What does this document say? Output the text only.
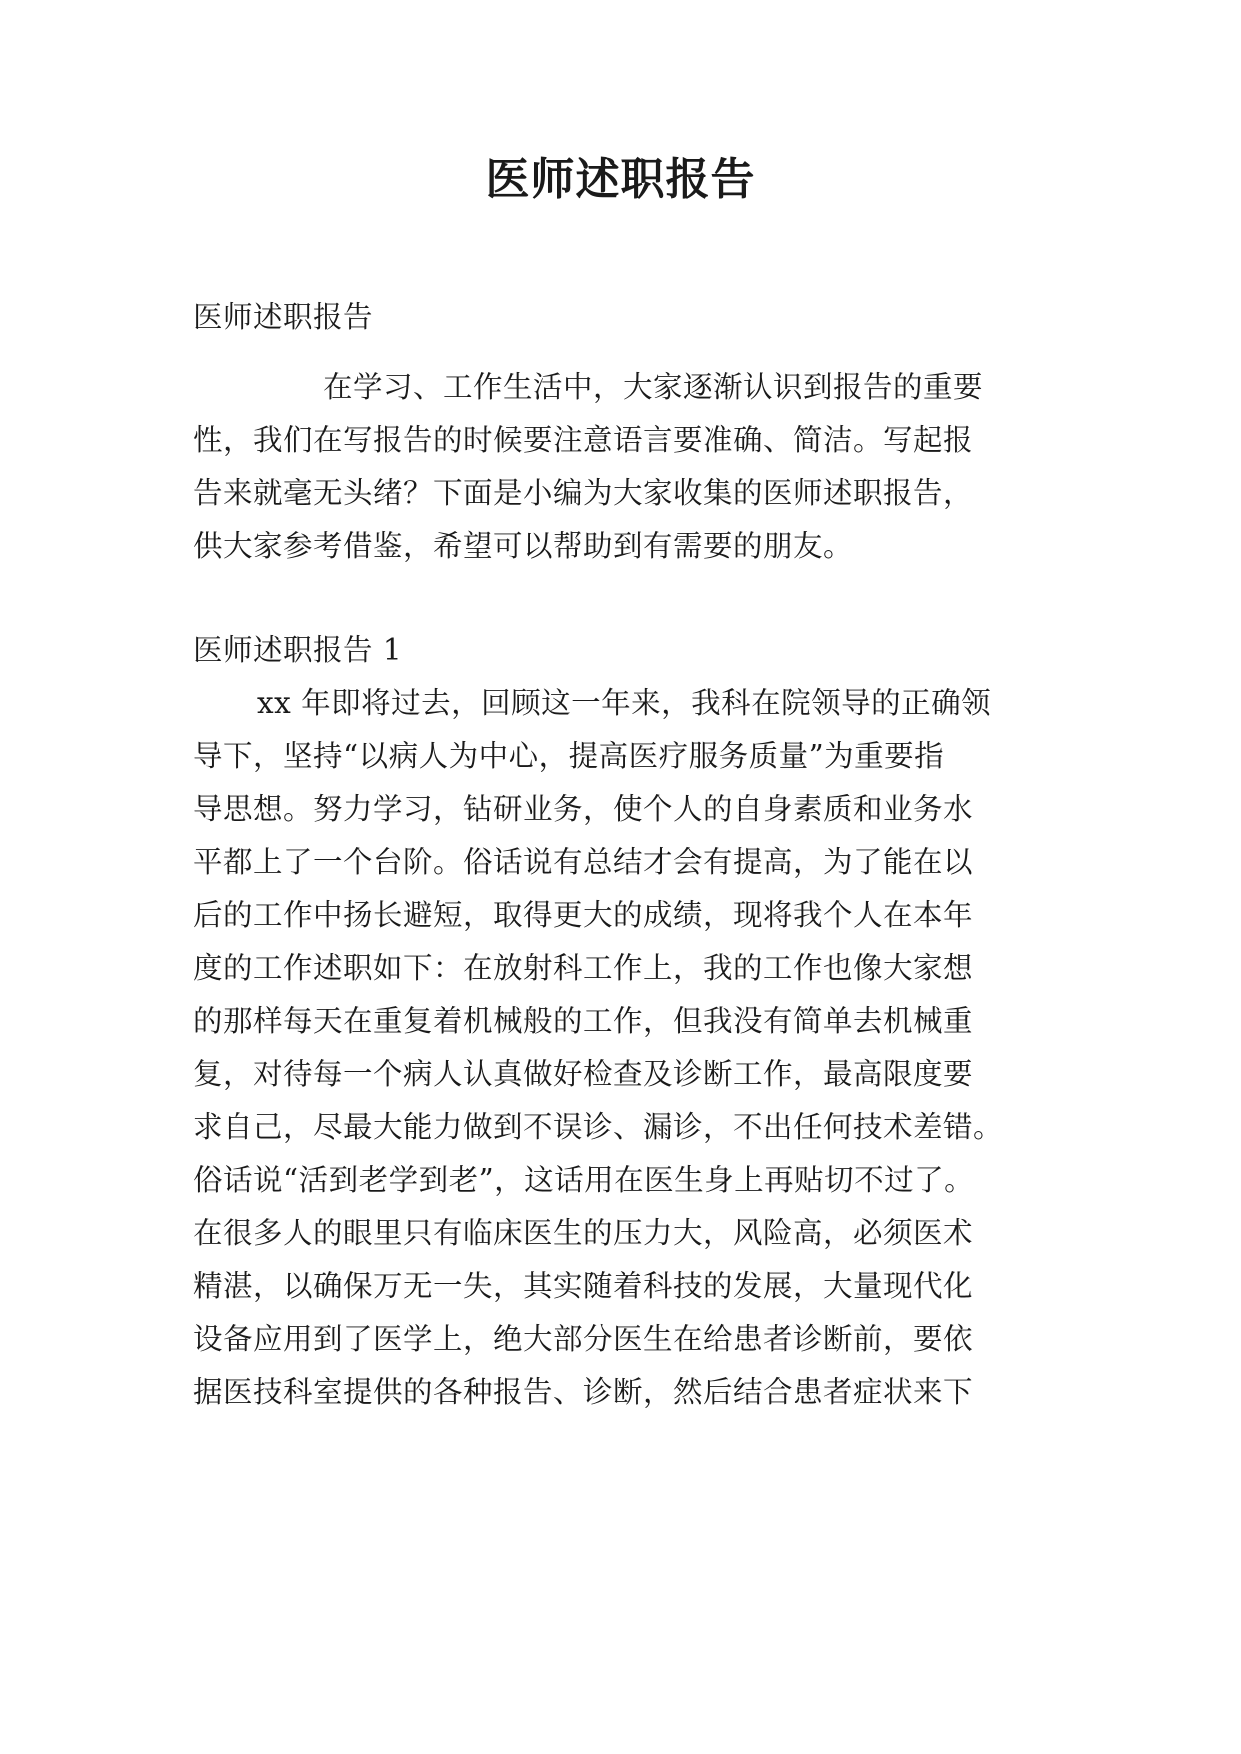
医师述职报告
医师述职报告
在学习、工作生活中，大家逐渐认识到报告的重要
性，我们在写报告的时候要注意语言要准确、简洁。写起报
告来就毫无头绪？下面是小编为大家收集的医师述职报告，
供大家参考借鉴，希望可以帮助到有需要的朋友。
医师述职报告 1
xx 年即将过去，回顾这一年来，我科在院领导的正确领
导下，坚持“以病人为中心，提高医疗服务质量”为重要指
导思想。努力学习，钻研业务，使个人的自身素质和业务水
平都上了一个台阶。俗话说有总结才会有提高，为了能在以
后的工作中扬长避短，取得更大的成绩，现将我个人在本年
度的工作述职如下：在放射科工作上，我的工作也像大家想
的那样每天在重复着机械般的工作，但我没有简单去机械重
复，对待每一个病人认真做好检查及诊断工作，最高限度要
求自己，尽最大能力做到不误诊、漏诊，不出任何技术差错。
俗话说“活到老学到老”，这话用在医生身上再贴切不过了。
在很多人的眼里只有临床医生的压力大，风险高，必须医术
精湛，以确保万无一失，其实随着科技的发展，大量现代化
设备应用到了医学上，绝大部分医生在给患者诊断前，要依
据医技科室提供的各种报告、诊断，然后结合患者症状来下
